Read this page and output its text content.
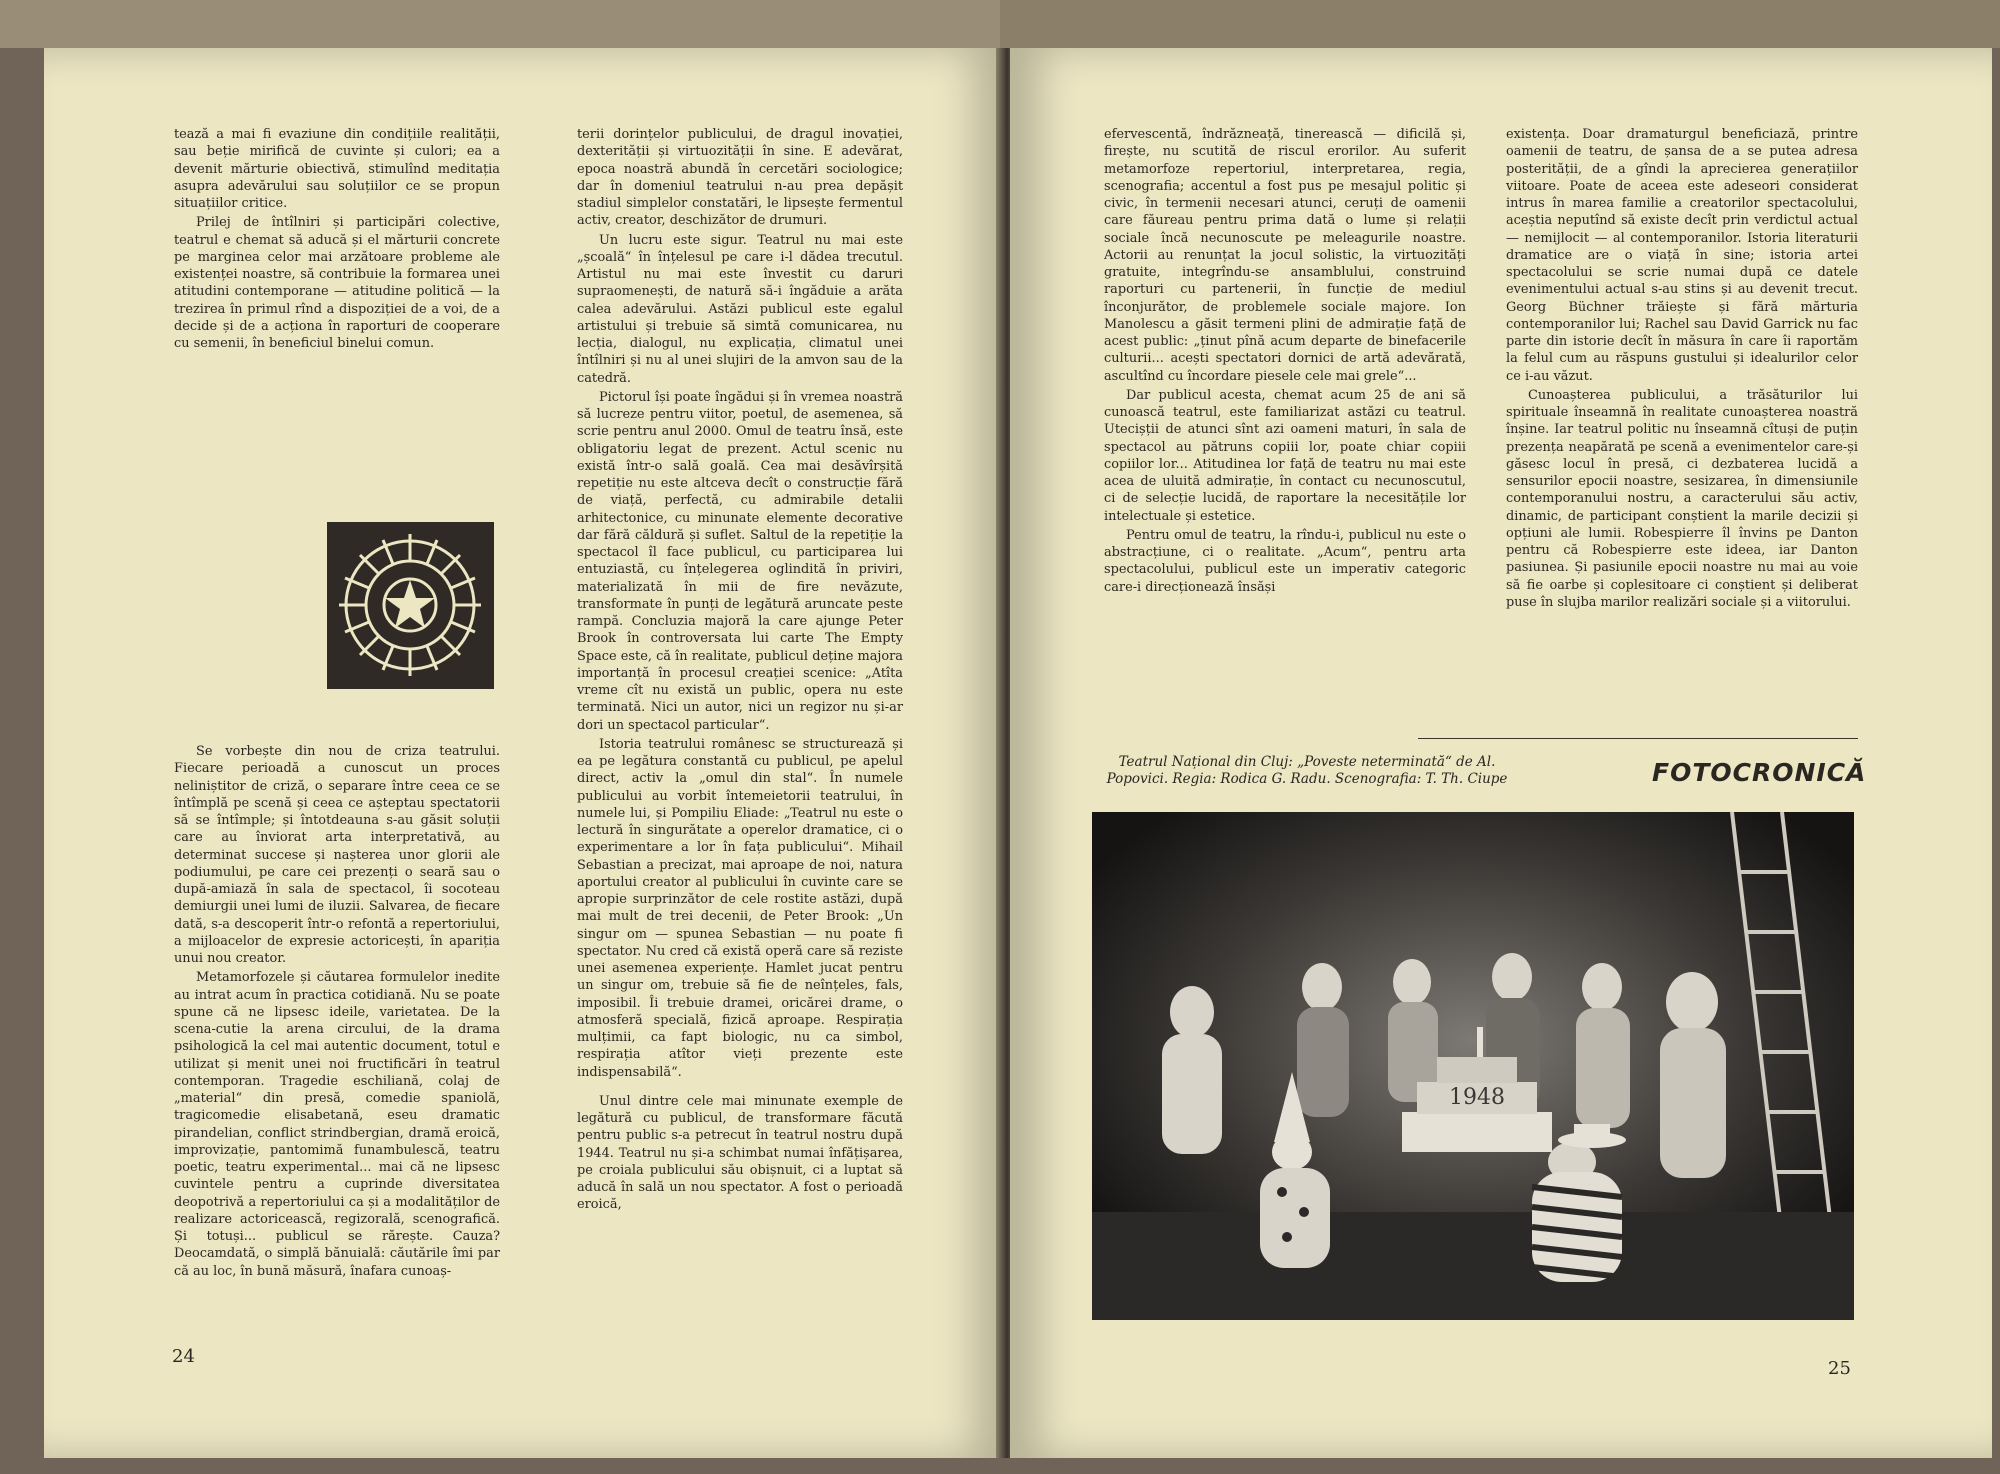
tează a mai fi evaziune din condițiile realității, sau beție mirifică de cuvinte și culori; ea a devenit mărturie obiectivă, stimulînd meditația asupra adevărului sau soluțiilor ce se propun situațiilor critice.

Prilej de întîlniri și participări colective, teatrul e chemat să aducă și el mărturii concrete pe marginea celor mai arzătoare probleme ale existenței noastre, să contribuie la formarea unei atitudini contemporane — atitudine politică — la trezirea în primul rînd a dispoziției de a voi, de a decide și de a acționa în raporturi de cooperare cu semenii, în beneficiul binelui comun.

Se vorbește din nou de criza teatrului. Fiecare perioadă a cunoscut un proces neliniștitor de criză, o separare între ceea ce se întîmplă pe scenă și ceea ce așteptau spectatorii să se întîmple; și întotdeauna s-au găsit soluții care au înviorat arta interpretativă, au determinat succese și nașterea unor glorii ale podiumului, pe care cei prezenți o seară sau o după-amiază în sala de spectacol, îi socoteau demiurgii unei lumi de iluzii. Salvarea, de fiecare dată, s-a descoperit într-o refontă a repertoriului, a mijloacelor de expresie actoricești, în apariția unui nou creator.

Metamorfozele și căutarea formulelor inedite au intrat acum în practica cotidiană. Nu se poate spune că ne lipsesc ideile, varietatea. De la scena-cutie la arena circului, de la drama psihologică la cel mai autentic document, totul e utilizat și menit unei noi fructificări în teatrul contemporan. Tragedie eschiliană, colaj de „material“ din presă, comedie spaniolă, tragicomedie elisabetană, eseu dramatic pirandelian, conflict strindbergian, dramă eroică, improvizație, pantomimă funambulescă, teatru poetic, teatru experimental... mai că ne lipsesc cuvintele pentru a cuprinde diversitatea deopotrivă a repertoriului ca și a modalităților de realizare actoricească, regizorală, scenografică. Și totuși... publicul se rărește. Cauza? Deocamdată, o simplă bănuială: căutările îmi par că au loc, în bună măsură, înafara cunoaș-

terii dorințelor publicului, de dragul inovației, dexterității și virtuozității în sine. E adevărat, epoca noastră abundă în cercetări sociologice; dar în domeniul teatrului n-au prea depășit stadiul simplelor constatări, le lipsește fermentul activ, creator, deschizător de drumuri.

Un lucru este sigur. Teatrul nu mai este „școală“ în înțelesul pe care i-l dădea trecutul. Artistul nu mai este învestit cu daruri supraomenești, de natură să-i îngăduie a arăta calea adevărului. Astăzi publicul este egalul artistului și trebuie să simtă comunicarea, nu lecția, dialogul, nu explicația, climatul unei întîlniri și nu al unei slujiri de la amvon sau de la catedră.

Pictorul își poate îngădui și în vremea noastră să lucreze pentru viitor, poetul, de asemenea, să scrie pentru anul 2000. Omul de teatru însă, este obligatoriu legat de prezent. Actul scenic nu există într-o sală goală. Cea mai desăvîrșită repetiție nu este altceva decît o construcție fără de viață, perfectă, cu admirabile detalii arhitectonice, cu minunate elemente decorative dar fără căldură și suflet. Saltul de la repetiție la spectacol îl face publicul, cu participarea lui entuziastă, cu înțelegerea oglindită în priviri, materializată în mii de fire nevăzute, transformate în punți de legătură aruncate peste rampă. Concluzia majoră la care ajunge Peter Brook în controversata lui carte The Empty Space este, că în realitate, publicul deține majora importanță în procesul creației scenice: „Atîta vreme cît nu există un public, opera nu este terminată. Nici un autor, nici un regizor nu și-ar dori un spectacol particular“.

Istoria teatrului românesc se structurează și ea pe legătura constantă cu publicul, pe apelul direct, activ la „omul din stal“. În numele publicului au vorbit întemeietorii teatrului, în numele lui, și Pompiliu Eliade: „Teatrul nu este o lectură în singurătate a operelor dramatice, ci o experimentare a lor în fața publicului“. Mihail Sebastian a precizat, mai aproape de noi, natura aportului creator al publicului în cuvinte care se apropie surprinzător de cele rostite astăzi, după mai mult de trei decenii, de Peter Brook: „Un singur om — spunea Sebastian — nu poate fi spectator. Nu cred că există operă care să reziste unei asemenea experiențe. Hamlet jucat pentru un singur om, trebuie să fie de neînțeles, fals, imposibil. Îi trebuie dramei, oricărei drame, o atmosferă specială, fizică aproape. Respirația mulțimii, ca fapt biologic, nu ca simbol, respirația atîtor vieți prezente este indispensabilă“.

Unul dintre cele mai minunate exemple de legătură cu publicul, de transformare făcută pentru public s-a petrecut în teatrul nostru după 1944. Teatrul nu și-a schimbat numai înfățișarea, pe croiala publicului său obișnuit, ci a luptat să aducă în sală un nou spectator. A fost o perioadă eroică,

24

efervescentă, îndrăzneață, tinerească — dificilă și, firește, nu scutită de riscul erorilor. Au suferit metamorfoze repertoriul, interpretarea, regia, scenografia; accentul a fost pus pe mesajul politic și civic, în termenii necesari atunci, ceruți de oamenii care făureau pentru prima dată o lume și relații sociale încă necunoscute pe meleagurile noastre. Actorii au renunțat la jocul solistic, la virtuozități gratuite, integrîndu-se ansamblului, construind raporturi cu partenerii, în funcție de mediul înconjurător, de problemele sociale majore. Ion Manolescu a găsit termeni plini de admirație față de acest public: „ținut pînă acum departe de binefacerile culturii... acești spectatori dornici de artă adevărată, ascultînd cu încordare piesele cele mai grele“...

Dar publicul acesta, chemat acum 25 de ani să cunoască teatrul, este familiarizat astăzi cu teatrul. Utecișții de atunci sînt azi oameni maturi, în sala de spectacol au pătruns copiii lor, poate chiar copiii copiilor lor... Atitudinea lor față de teatru nu mai este acea de uluită admirație, în contact cu necunoscutul, ci de selecție lucidă, de raportare la necesitățile lor intelectuale și estetice.

Pentru omul de teatru, la rîndu-i, publicul nu este o abstracțiune, ci o realitate. „Acum“, pentru arta spectacolului, publicul este un imperativ categoric care-i direcționează însăși

existența. Doar dramaturgul beneficiază, printre oamenii de teatru, de șansa de a se putea adresa posterității, de a gîndi la aprecierea generațiilor viitoare. Poate de aceea este adeseori considerat intrus în marea familie a creatorilor spectacolului, aceștia neputînd să existe decît prin verdictul actual — nemijlocit — al contemporanilor. Istoria literaturii dramatice are o viață în sine; istoria artei spectacolului se scrie numai după ce datele evenimentului actual s-au stins și au devenit trecut. Georg Büchner trăiește și fără mărturia contemporanilor lui; Rachel sau David Garrick nu fac parte din istorie decît în măsura în care îi raportăm la felul cum au răspuns gustului și idealurilor celor ce i-au văzut.

Cunoașterea publicului, a trăsăturilor lui spirituale înseamnă în realitate cunoașterea noastră înșine. Iar teatrul politic nu înseamnă cîtuși de puțin prezența neapărată pe scenă a evenimentelor care-și găsesc locul în presă, ci dezbaterea lucidă a sensurilor epocii noastre, sesizarea, în dimensiunile contemporanului nostru, a caracterului său activ, dinamic, de participant conștient la marile decizii și opțiuni ale lumii. Robespierre îl învins pe Danton pentru că Robespierre este ideea, iar Danton pasiunea. Și pasiunile epocii noastre nu mai au voie să fie oarbe și coplesitoare ci conștient și deliberat puse în slujba marilor realizări sociale și a viitorului.

25
Teatrul Național din Cluj: „Poveste neterminată“ de Al. Popovici. Regia: Rodica G. Radu. Scenografia: T. Th. Ciupe	FOTOCRONICĂ
1948
